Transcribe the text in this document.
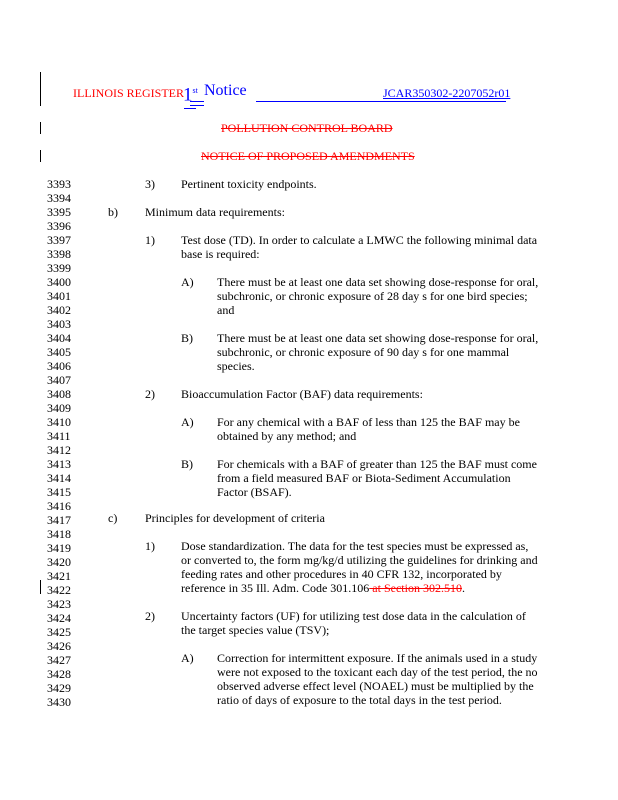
ILLINOIS REGISTER 1st Notice	JCAR350302-2207052r01
POLLUTION CONTROL BOARD
NOTICE OF PROPOSED AMENDMENTS
3393
3394
3395
3396
3397
3398
3399
3400
3401
3402
3403
3404
3405
3406
3407
3408
3409
3410
3411
3412
3413
3414
3415
3416
3417
3418
3419
3420
3421
3422
3423
3424
3425
3426
3427
3428
3429
3430
3) Pertinent toxicity endpoints.
b) Minimum data requirements:
1) Test dose (TD). In order to calculate a LMWC the following minimal data
base is required:
A) There must be at least one data set showing dose-response for oral,
subchronic, or chronic exposure of 28 day s for one bird species;
and
B) There must be at least one data set showing dose-response for oral,
subchronic, or chronic exposure of 90 day s for one mammal
species.
2) Bioaccumulation Factor (BAF) data requirements:
A) For any chemical with a BAF of less than 125 the BAF may be
obtained by any method; and
B) For chemicals with a BAF of greater than 125 the BAF must come
from a field measured BAF or Biota-Sediment Accumulation
Factor (BSAF).
c) Principles for development of criteria
1) Dose standardization. The data for the test species must be expressed as,
or converted to, the form mg/kg/d utilizing the guidelines for drinking and
feeding rates and other procedures in 40 CFR 132, incorporated by
reference in 35 Ill. Adm. Code 301.106 at Section 302.510.
2) Uncertainty factors (UF) for utilizing test dose data in the calculation of
the target species value (TSV);
A) Correction for intermittent exposure. If the animals used in a study
were not exposed to the toxicant each day of the test period, the no
observed adverse effect level (NOAEL) must be multiplied by the
ratio of days of exposure to the total days in the test period.
